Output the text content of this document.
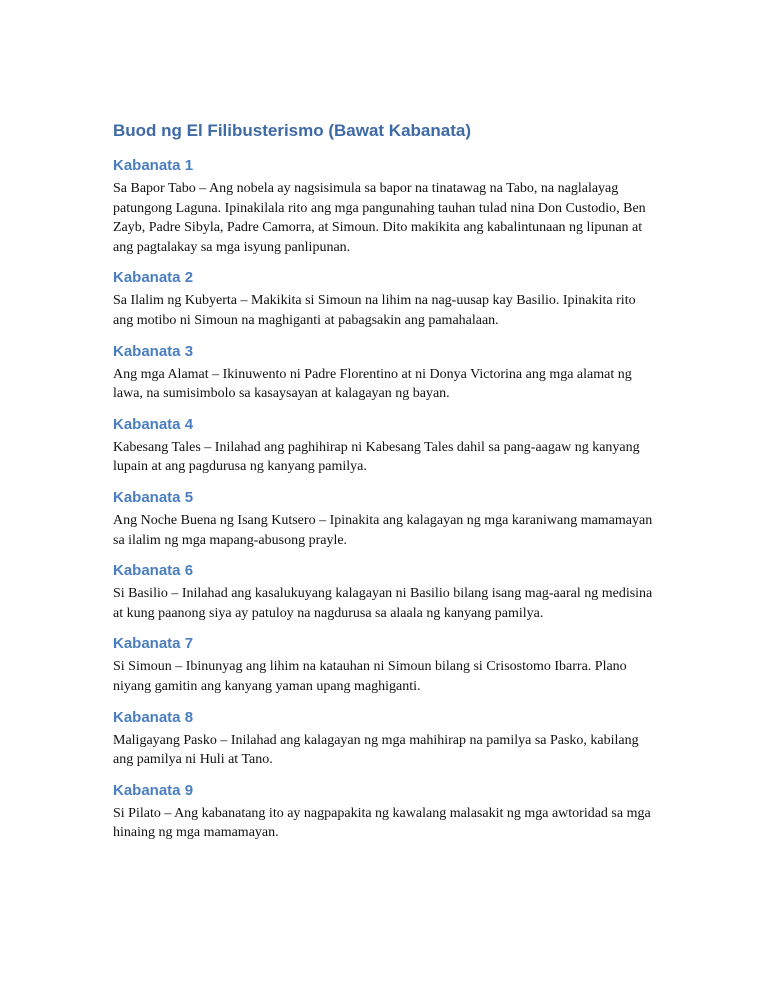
Buod ng El Filibusterismo (Bawat Kabanata)
Kabanata 1

Sa Bapor Tabo – Ang nobela ay nagsisimula sa bapor na tinatawag na Tabo, na naglalayag patungong Laguna. Ipinakilala rito ang mga pangunahing tauhan tulad nina Don Custodio, Ben Zayb, Padre Sibyla, Padre Camorra, at Simoun. Dito makikita ang kabalintunaan ng lipunan at ang pagtalakay sa mga isyung panlipunan.

Kabanata 2

Sa Ilalim ng Kubyerta – Makikita si Simoun na lihim na nag-uusap kay Basilio. Ipinakita rito ang motibo ni Simoun na maghiganti at pabagsakin ang pamahalaan.

Kabanata 3

Ang mga Alamat – Ikinuwento ni Padre Florentino at ni Donya Victorina ang mga alamat ng lawa, na sumisimbolo sa kasaysayan at kalagayan ng bayan.

Kabanata 4

Kabesang Tales – Inilahad ang paghihirap ni Kabesang Tales dahil sa pang-aagaw ng kanyang lupain at ang pagdurusa ng kanyang pamilya.

Kabanata 5

Ang Noche Buena ng Isang Kutsero – Ipinakita ang kalagayan ng mga karaniwang mamamayan sa ilalim ng mga mapang-abusong prayle.

Kabanata 6

Si Basilio – Inilahad ang kasalukuyang kalagayan ni Basilio bilang isang mag-aaral ng medisina at kung paanong siya ay patuloy na nagdurusa sa alaala ng kanyang pamilya.

Kabanata 7

Si Simoun – Ibinunyag ang lihim na katauhan ni Simoun bilang si Crisostomo Ibarra. Plano niyang gamitin ang kanyang yaman upang maghiganti.

Kabanata 8

Maligayang Pasko – Inilahad ang kalagayan ng mga mahihirap na pamilya sa Pasko, kabilang ang pamilya ni Huli at Tano.

Kabanata 9

Si Pilato – Ang kabanatang ito ay nagpapakita ng kawalang malasakit ng mga awtoridad sa mga hinaing ng mga mamamayan.
